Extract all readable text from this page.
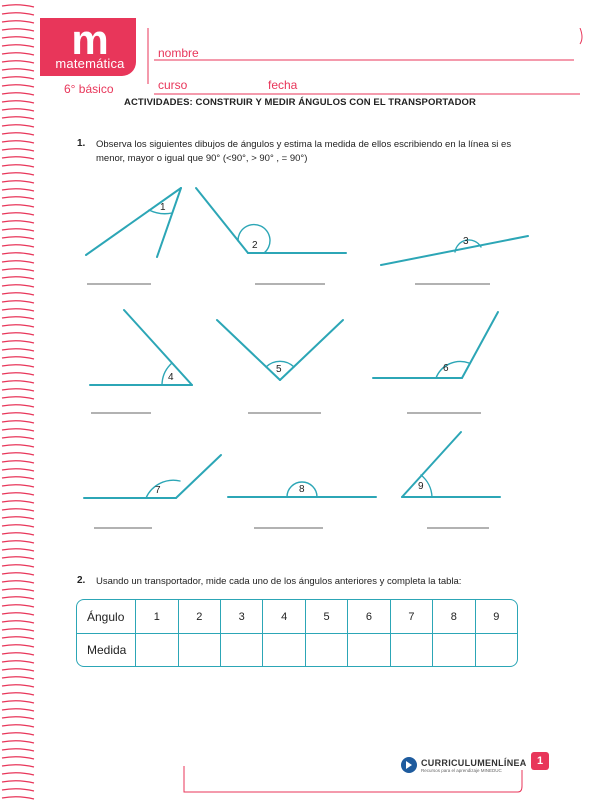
m
matemática
6° básico
nombre
curso	fecha
ACTIVIDADES: CONSTRUIR Y MEDIR ÁNGULOS CON EL TRANSPORTADOR
1. Observa los siguientes dibujos de ángulos y estima la medida de ellos escribiendo en la línea si es
menor, mayor o igual que 90° (<90°, > 90° , = 90°)
1
2	3
4
5	6
7	8	9
2. Usando un transportador, mide cada uno de los ángulos anteriores y completa la tabla:
Ángulo	1	2	3	4	5	6	7	8	9
Medida									
CURRICULUMENLÍNEA
Recursos para el aprendizaje MINEDUC
1
